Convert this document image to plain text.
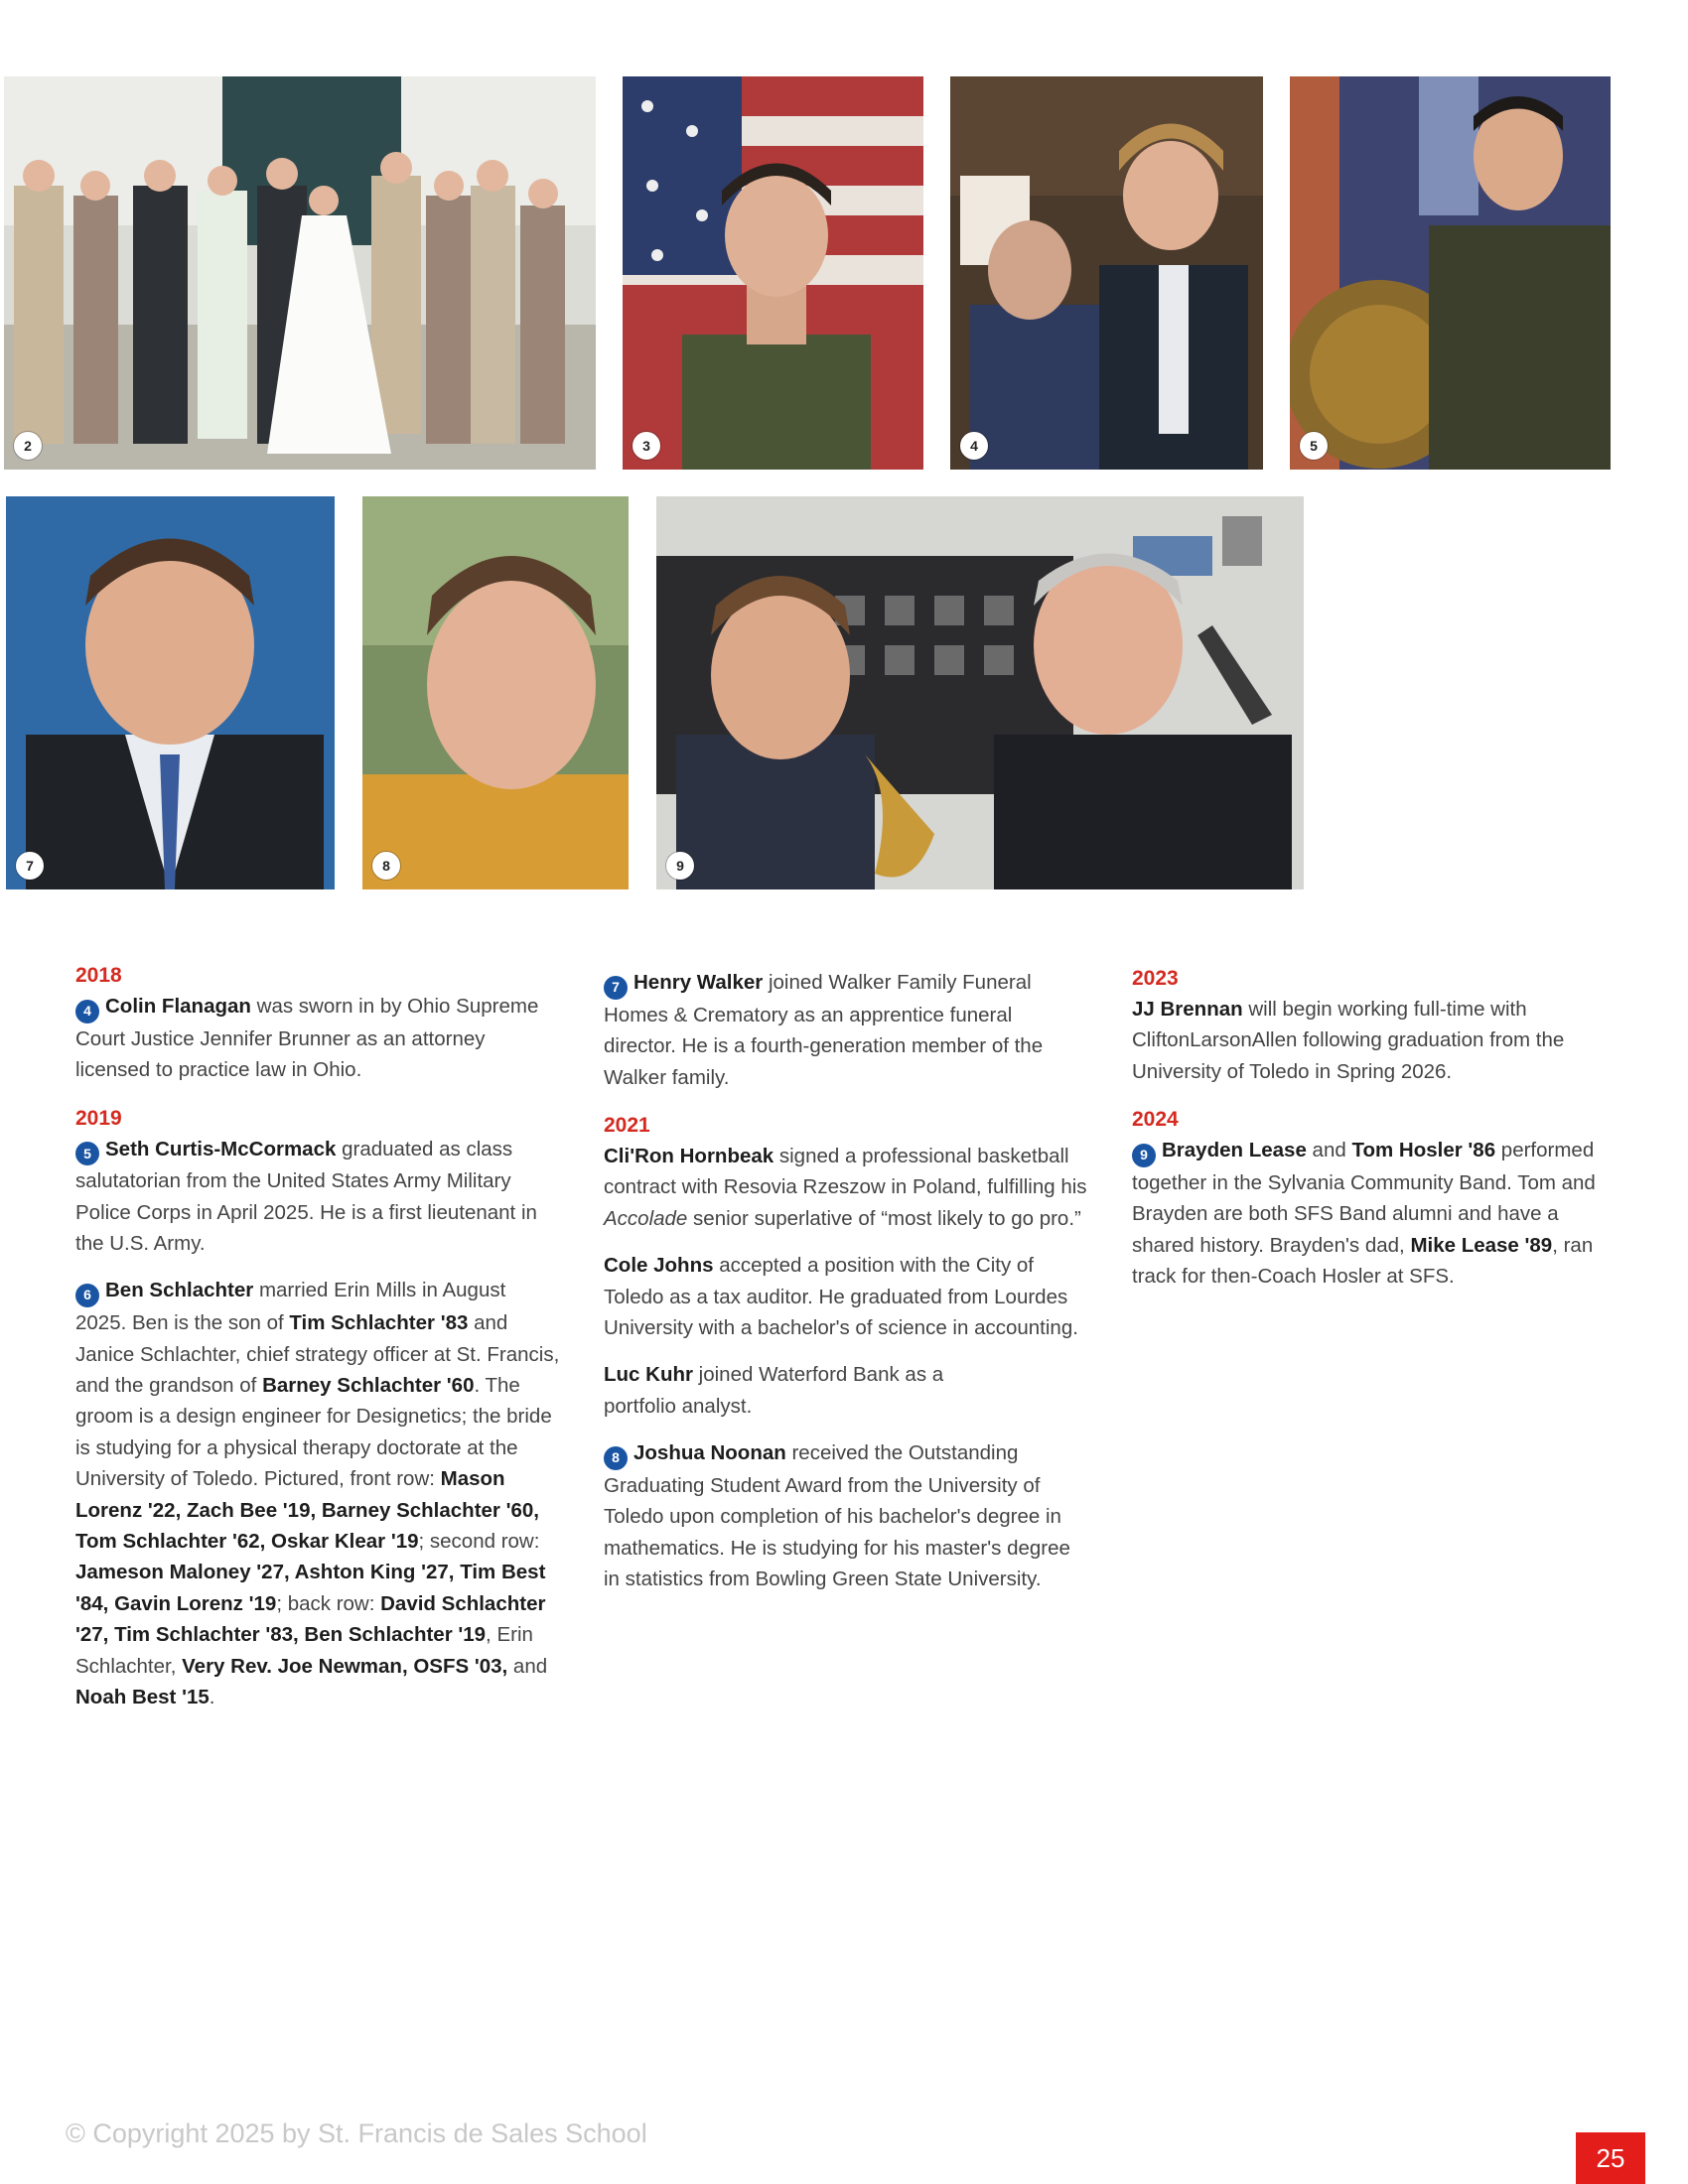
2	3	4	5
7	8	9
2018

4 Colin Flanagan was sworn in by Ohio Supreme Court Justice Jennifer Brunner as an attorney licensed to practice law in Ohio.

2019

5 Seth Curtis-McCormack graduated as class salutatorian from the United States Army Military Police Corps in April 2025. He is a first lieutenant in the U.S. Army.

6 Ben Schlachter married Erin Mills in August 2025. Ben is the son of Tim Schlachter '83 and Janice Schlachter, chief strategy officer at St. Francis, and the grandson of Barney Schlachter '60. The groom is a design engineer for Designetics; the bride is studying for a physical therapy doctorate at the University of Toledo. Pictured, front row: Mason Lorenz '22, Zach Bee '19, Barney Schlachter '60, Tom Schlachter '62, Oskar Klear '19; second row: Jameson Maloney '27, Ashton King '27, Tim Best '84, Gavin Lorenz '19; back row: David Schlachter '27, Tim Schlachter '83, Ben Schlachter '19, Erin Schlachter, Very Rev. Joe Newman, OSFS '03, and Noah Best '15.

7 Henry Walker joined Walker Family Funeral Homes & Crematory as an apprentice funeral director. He is a fourth-generation member of the Walker family.

2021

Cli'Ron Hornbeak signed a professional basketball contract with Resovia Rzeszow in Poland, fulfilling his Accolade senior superlative of “most likely to go pro.”

Cole Johns accepted a position with the City of Toledo as a tax auditor. He graduated from Lourdes University with a bachelor's of science in accounting.

Luc Kuhr joined Waterford Bank as a portfolio analyst.

8 Joshua Noonan received the Outstanding Graduating Student Award from the University of Toledo upon completion of his bachelor's degree in mathematics. He is studying for his master's degree in statistics from Bowling Green State University.

2023

JJ Brennan will begin working full-time with CliftonLarsonAllen following graduation from the University of Toledo in Spring 2026.

2024

9 Brayden Lease and Tom Hosler '86 performed together in the Sylvania Community Band. Tom and Brayden are both SFS Band alumni and have a shared history. Brayden's dad, Mike Lease '89, ran track for then-Coach Hosler at SFS.

© Copyright 2025 by St. Francis de Sales School
25
